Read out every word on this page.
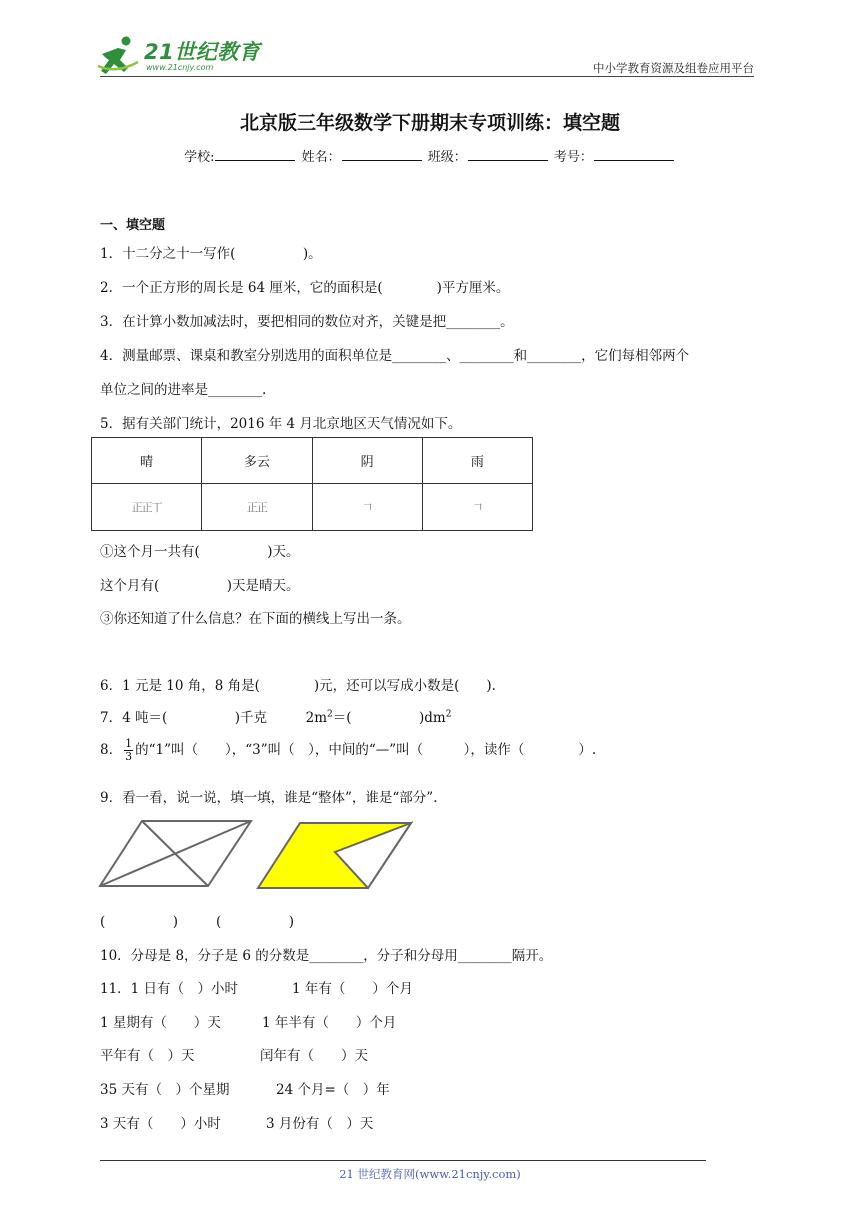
21世纪教育
www.21cnjy.com	中小学教育资源及组卷应用平台
北京版三年级数学下册期末专项训练：填空题
学校:	姓名：	班级：	考号：
一、填空题
1．十二分之十一写作(　　　　　)。
2．一个正方形的周长是 64 厘米，它的面积是(　　　　)平方厘米。
3．在计算小数加减法时，要把相同的数位对齐，关键是把________。
4．测量邮票、课桌和教室分别选用的面积单位是________、________和________，它们每相邻两个
单位之间的进率是________.
5．据有关部门统计，2016 年 4 月北京地区天气情况如下。
晴	多云	阴	雨
正正丅	正正	𠃍	𠃍
①这个月一共有(　　　　　)天。
这个月有(　　　　　)天是晴天。
③你还知道了什么信息？在下面的横线上写出一条。
6．1 元是 10 角，8 角是(　　　　)元，还可以写成小数是(　　).
7．4 吨＝(　　　　　)千克	$2m^2=$(　　　　　)$dm^2$
8． $\frac{1}{3}$ 的“1”叫（　　），“3”叫（　），中间的“—”叫（　　　），读作（　　　　）.
9．看一看，说一说，填一填，谁是“整体”，谁是“部分”.
(　　　　　)	(　　　　　)
10．分母是 8，分子是 6 的分数是________，分子和分母用________隔开。
11．1 日有（　）小时	1 年有（　　）个月
1 星期有（　　）天	1 年半有（　　）个月
平年有（　）天	闰年有（　　）天
35 天有（　）个星期	24 个月=（　）年
3 天有（　　）小时	3 月份有（　）天
21 世纪教育网(www.21cnjy.com)
